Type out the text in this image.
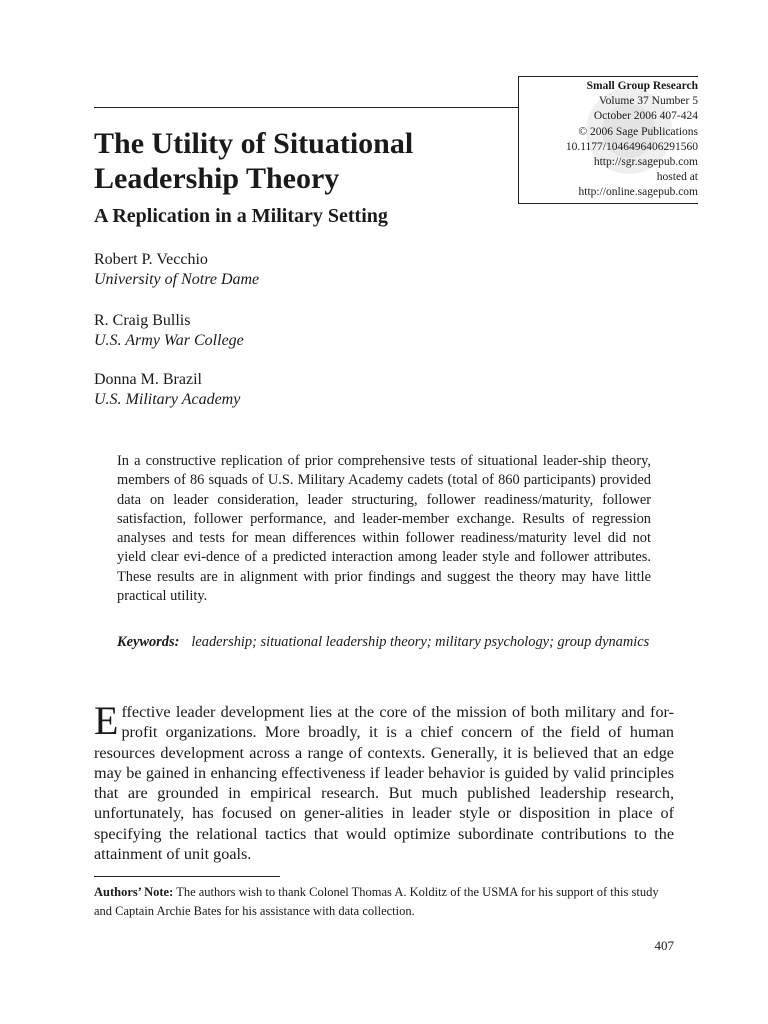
Small Group Research
Volume 37 Number 5
October 2006 407-424
© 2006 Sage Publications
10.1177/1046496406291560
http://sgr.sagepub.com
hosted at
http://online.sagepub.com
The Utility of Situational Leadership Theory
A Replication in a Military Setting
Robert P. Vecchio
University of Notre Dame
R. Craig Bullis
U.S. Army War College
Donna M. Brazil
U.S. Military Academy

In a constructive replication of prior comprehensive tests of situational leader-ship theory, members of 86 squads of U.S. Military Academy cadets (total of 860 participants) provided data on leader consideration, leader structuring, follower readiness/maturity, follower satisfaction, follower performance, and leader-member exchange. Results of regression analyses and tests for mean differences within follower readiness/maturity level did not yield clear evi-dence of a predicted interaction among leader style and follower attributes. These results are in alignment with prior findings and suggest the theory may have little practical utility.

Keywords: leadership; situational leadership theory; military psychology; group dynamics

Effective leader development lies at the core of the mission of both military and for-profit organizations. More broadly, it is a chief concern of the field of human resources development across a range of contexts. Generally, it is believed that an edge may be gained in enhancing effectiveness if leader behavior is guided by valid principles that are grounded in empirical research. But much published leadership research, unfortunately, has focused on gener-alities in leader style or disposition in place of specifying the relational tactics that would optimize subordinate contributions to the attainment of unit goals.

Authors’ Note: The authors wish to thank Colonel Thomas A. Kolditz of the USMA for his support of this study and Captain Archie Bates for his assistance with data collection.

407
